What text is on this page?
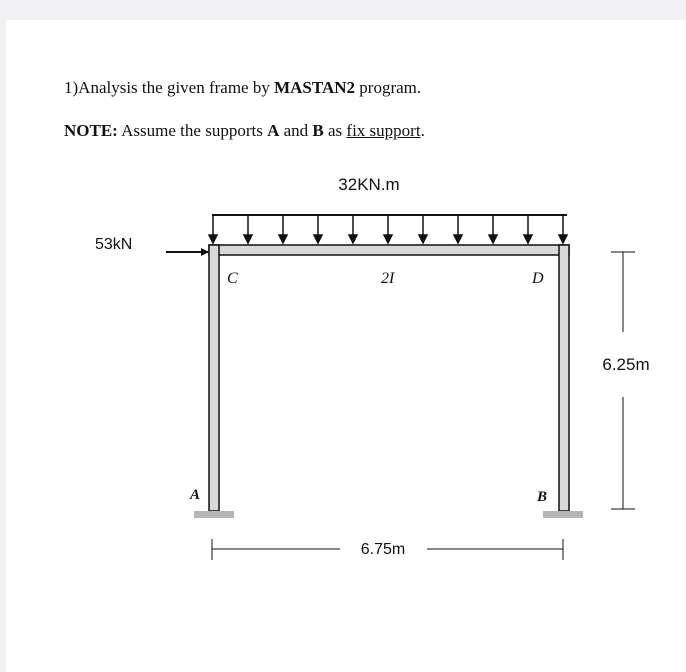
1)Analysis the given frame by MASTAN2 program.
NOTE: Assume the supports A and B as fix support.
32KN.m
53kN
C	D
2I
A	B
6.75m
6.25m
